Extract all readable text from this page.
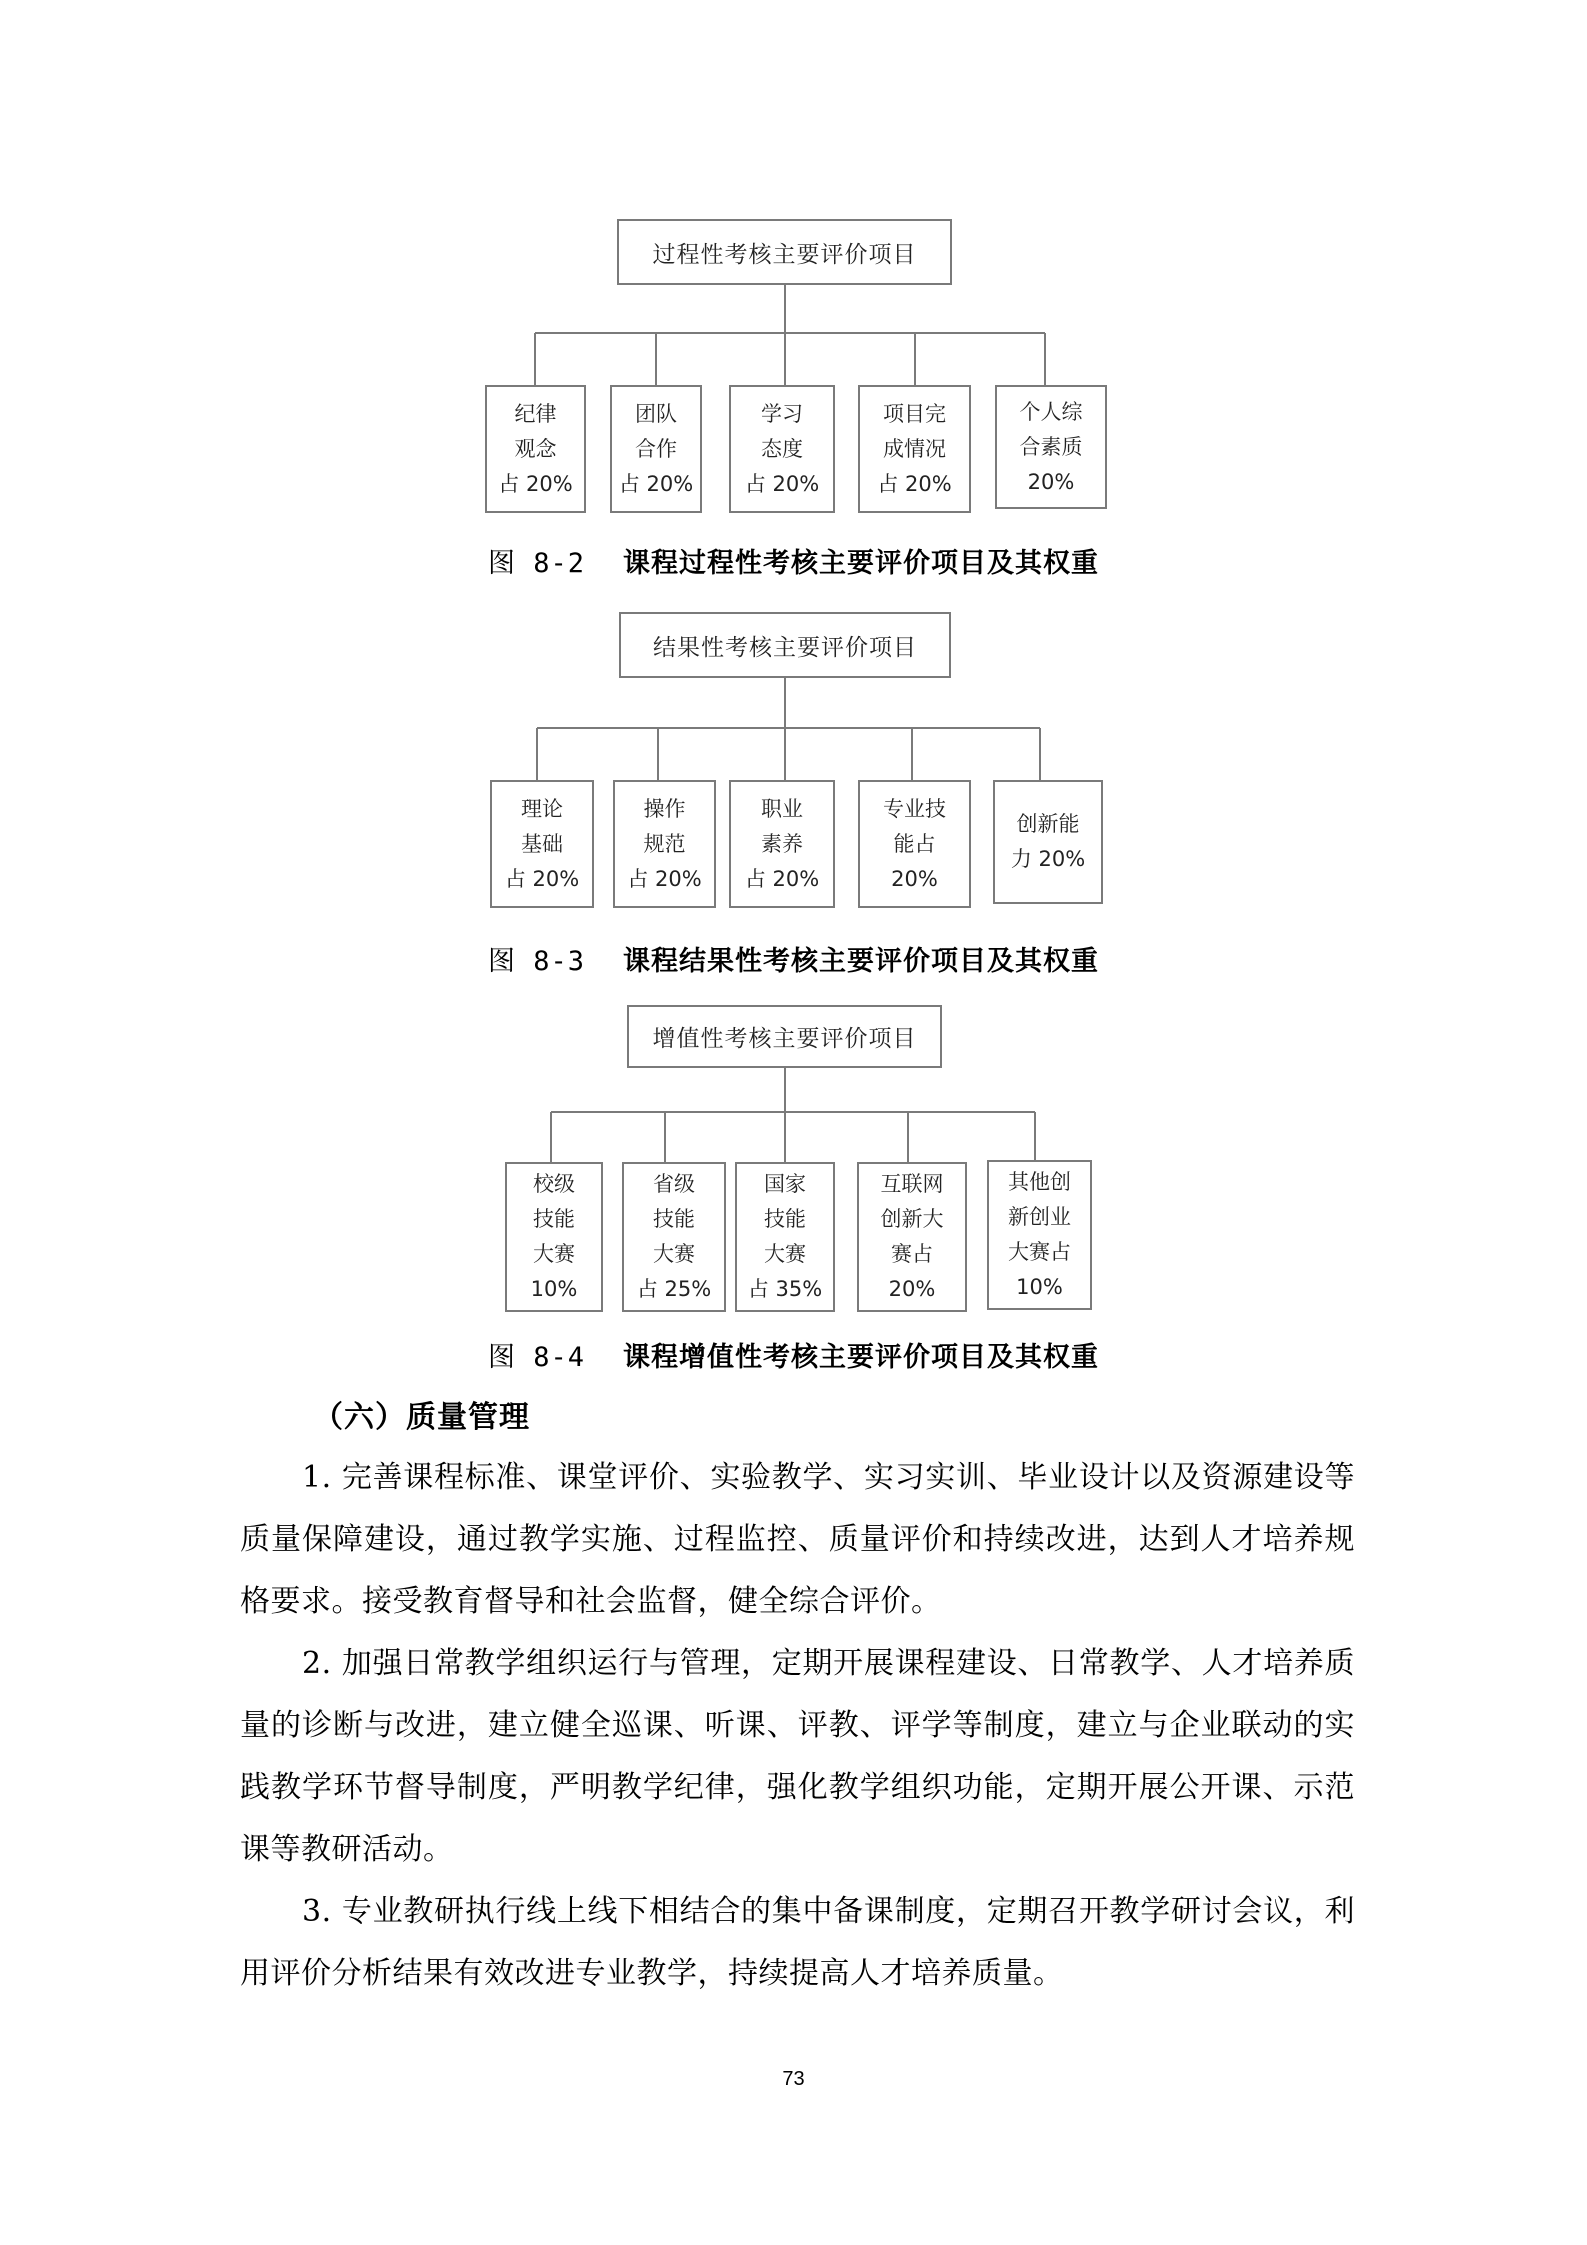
过程性考核主要评价项目
纪律
观念
占 20%
团队
合作
占 20%
学习
态度
占 20%
项目完
成情况
占 20%
个人综
合素质
20%
图 8-2 课程过程性考核主要评价项目及其权重
结果性考核主要评价项目
理论
基础
占 20%
操作
规范
占 20%
职业
素养
占 20%
专业技
能占
20%
创新能
力 20%
图 8-3 课程结果性考核主要评价项目及其权重
增值性考核主要评价项目
校级
技能
大赛
10%
省级
技能
大赛
占 25%
国家
技能
大赛
占 35%
互联网
创新大
赛占
20%
其他创
新创业
大赛占
10%
图 8-4 课程增值性考核主要评价项目及其权重
（六）质量管理

1. 完善课程标准、课堂评价、实验教学、实习实训、毕业设计以及资源建设等质量保障建设，通过教学实施、过程监控、质量评价和持续改进，达到人才培养规格要求。接受教育督导和社会监督，健全综合评价。

2. 加强日常教学组织运行与管理，定期开展课程建设、日常教学、人才培养质量的诊断与改进，建立健全巡课、听课、评教、评学等制度，建立与企业联动的实践教学环节督导制度，严明教学纪律，强化教学组织功能，定期开展公开课、示范课等教研活动。

3. 专业教研执行线上线下相结合的集中备课制度，定期召开教学研讨会议，利用评价分析结果有效改进专业教学，持续提高人才培养质量。

73
